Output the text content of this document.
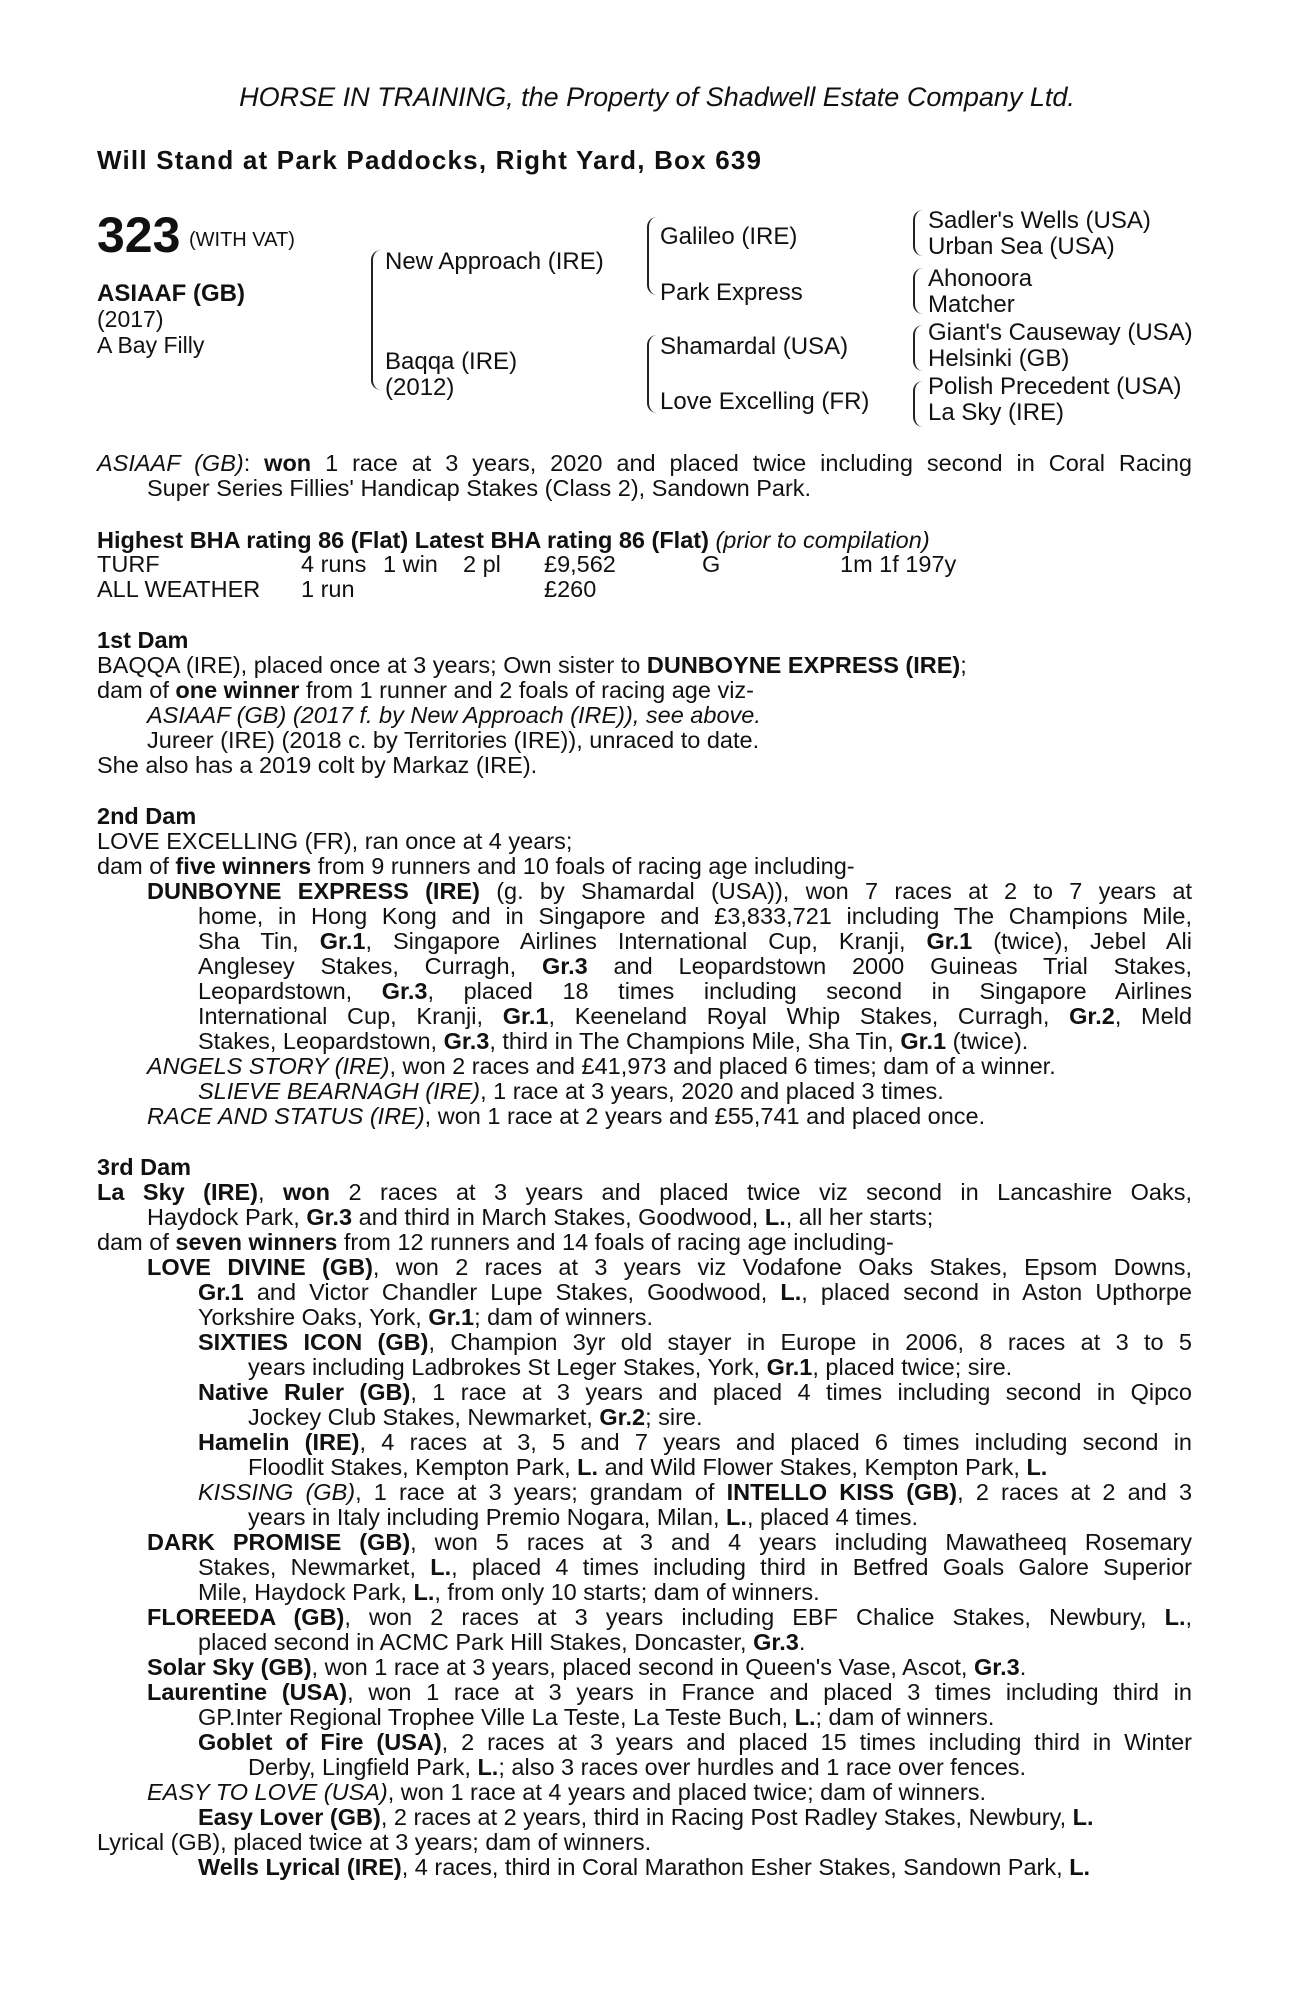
HORSE IN TRAINING, the Property of Shadwell Estate Company Ltd.
Will Stand at Park Paddocks, Right Yard, Box 639
323 (WITH VAT)
ASIAAF (GB)
(2017)
A Bay Filly
New Approach (IRE)
Baqqa (IRE)
(2012)
Galileo (IRE)
Park Express
Shamardal (USA)
Love Excelling (FR)
Sadler's Wells (USA)
Urban Sea (USA)
Ahonoora
Matcher
Giant's Causeway (USA)
Helsinki (GB)
Polish Precedent (USA)
La Sky (IRE)
ASIAAF (GB): won 1 race at 3 years, 2020 and placed twice including second in Coral Racing
Super Series Fillies' Handicap Stakes (Class 2), Sandown Park.
Highest BHA rating 86 (Flat) Latest BHA rating 86 (Flat) (prior to compilation)
TURF	4 runs 1 win 2 pl £9,562	G	1m 1f 197y
ALL WEATHER 1 run	£260
1st Dam
BAQQA (IRE), placed once at 3 years; Own sister to DUNBOYNE EXPRESS (IRE);
dam of one winner from 1 runner and 2 foals of racing age viz-
ASIAAF (GB) (2017 f. by New Approach (IRE)), see above.
Jureer (IRE) (2018 c. by Territories (IRE)), unraced to date.
She also has a 2019 colt by Markaz (IRE).
2nd Dam
LOVE EXCELLING (FR), ran once at 4 years;
dam of five winners from 9 runners and 10 foals of racing age including-
DUNBOYNE EXPRESS (IRE) (g. by Shamardal (USA)), won 7 races at 2 to 7 years at
home, in Hong Kong and in Singapore and £3,833,721 including The Champions Mile,
Sha Tin, Gr.1, Singapore Airlines International Cup, Kranji, Gr.1 (twice), Jebel Ali
Anglesey Stakes, Curragh, Gr.3 and Leopardstown 2000 Guineas Trial Stakes,
Leopardstown, Gr.3, placed 18 times including second in Singapore Airlines
International Cup, Kranji, Gr.1, Keeneland Royal Whip Stakes, Curragh, Gr.2, Meld
Stakes, Leopardstown, Gr.3, third in The Champions Mile, Sha Tin, Gr.1 (twice).
ANGELS STORY (IRE), won 2 races and £41,973 and placed 6 times; dam of a winner.
SLIEVE BEARNAGH (IRE), 1 race at 3 years, 2020 and placed 3 times.
RACE AND STATUS (IRE), won 1 race at 2 years and £55,741 and placed once.
3rd Dam
La Sky (IRE), won 2 races at 3 years and placed twice viz second in Lancashire Oaks,
Haydock Park, Gr.3 and third in March Stakes, Goodwood, L., all her starts;
dam of seven winners from 12 runners and 14 foals of racing age including-
LOVE DIVINE (GB), won 2 races at 3 years viz Vodafone Oaks Stakes, Epsom Downs,
Gr.1 and Victor Chandler Lupe Stakes, Goodwood, L., placed second in Aston Upthorpe
Yorkshire Oaks, York, Gr.1; dam of winners.
SIXTIES ICON (GB), Champion 3yr old stayer in Europe in 2006, 8 races at 3 to 5
years including Ladbrokes St Leger Stakes, York, Gr.1, placed twice; sire.
Native Ruler (GB), 1 race at 3 years and placed 4 times including second in Qipco
Jockey Club Stakes, Newmarket, Gr.2; sire.
Hamelin (IRE), 4 races at 3, 5 and 7 years and placed 6 times including second in
Floodlit Stakes, Kempton Park, L. and Wild Flower Stakes, Kempton Park, L.
KISSING (GB), 1 race at 3 years; grandam of INTELLO KISS (GB), 2 races at 2 and 3
years in Italy including Premio Nogara, Milan, L., placed 4 times.
DARK PROMISE (GB), won 5 races at 3 and 4 years including Mawatheeq Rosemary
Stakes, Newmarket, L., placed 4 times including third in Betfred Goals Galore Superior
Mile, Haydock Park, L., from only 10 starts; dam of winners.
FLOREEDA (GB), won 2 races at 3 years including EBF Chalice Stakes, Newbury, L.,
placed second in ACMC Park Hill Stakes, Doncaster, Gr.3.
Solar Sky (GB), won 1 race at 3 years, placed second in Queen's Vase, Ascot, Gr.3.
Laurentine (USA), won 1 race at 3 years in France and placed 3 times including third in
GP.Inter Regional Trophee Ville La Teste, La Teste Buch, L.; dam of winners.
Goblet of Fire (USA), 2 races at 3 years and placed 15 times including third in Winter
Derby, Lingfield Park, L.; also 3 races over hurdles and 1 race over fences.
EASY TO LOVE (USA), won 1 race at 4 years and placed twice; dam of winners.
Easy Lover (GB), 2 races at 2 years, third in Racing Post Radley Stakes, Newbury, L.
Lyrical (GB), placed twice at 3 years; dam of winners.
Wells Lyrical (IRE), 4 races, third in Coral Marathon Esher Stakes, Sandown Park, L.
